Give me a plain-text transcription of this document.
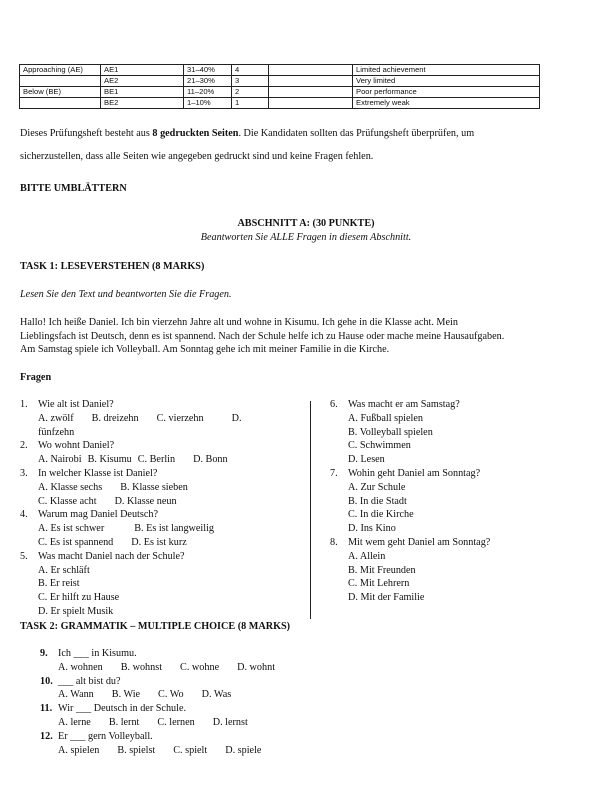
Approaching (AE)	AE1	31–40%	4		Limited achievement
	AE2	21–30%	3		Very limited
Below (BE)	BE1	11–20%	2		Poor performance
	BE2	1–10%	1		Extremely weak
Dieses Prüfungsheft besteht aus 8 gedruckten Seiten. Die Kandidaten sollten das Prüfungsheft überprüfen, um
sicherzustellen, dass alle Seiten wie angegeben gedruckt sind und keine Fragen fehlen.
BITTE UMBLÄTTERN
ABSCHNITT A: (30 PUNKTE)
Beantworten Sie ALLE Fragen in diesem Abschnitt.
TASK 1: LESEVERSTEHEN (8 MARKS)
Lesen Sie den Text und beantworten Sie die Fragen.
Hallo! Ich heiße Daniel. Ich bin vierzehn Jahre alt und wohne in Kisumu. Ich gehe in die Klasse acht. Mein
Lieblingsfach ist Deutsch, denn es ist spannend. Nach der Schule helfe ich zu Hause oder mache meine Hausaufgaben.
Am Samstag spiele ich Volleyball. Am Sonntag gehe ich mit meiner Familie in die Kirche.
Fragen
1. Wie alt ist Daniel?
A. zwölf B. dreizehn C. vierzehn	D.
fünfzehn
2. Wo wohnt Daniel?
A. Nairobi B. Kisumu C. Berlin D. Bonn
3. In welcher Klasse ist Daniel?
A. Klasse sechs B. Klasse sieben
C. Klasse acht D. Klasse neun
4. Warum mag Daniel Deutsch?
A. Es ist schwer	B. Es ist langweilig
C. Es ist spannend D. Es ist kurz
5. Was macht Daniel nach der Schule?
A. Er schläft
B. Er reist
C. Er hilft zu Hause
D. Er spielt Musik
6. Was macht er am Samstag?
A. Fußball spielen
B. Volleyball spielen
C. Schwimmen
D. Lesen
7. Wohin geht Daniel am Sonntag?
A. Zur Schule
B. In die Stadt
C. In die Kirche
D. Ins Kino
8. Mit wem geht Daniel am Sonntag?
A. Allein
B. Mit Freunden
C. Mit Lehrern
D. Mit der Familie
TASK 2: GRAMMATIK – MULTIPLE CHOICE (8 MARKS)
9. Ich ___ in Kisumu.
A. wohnen B. wohnst C. wohne D. wohnt
10. ___ alt bist du?
A. Wann B. Wie C. Wo D. Was
11. Wir ___ Deutsch in der Schule.
A. lerne B. lernt C. lernen D. lernst
12. Er ___ gern Volleyball.
A. spielen B. spielst C. spielt D. spiele
